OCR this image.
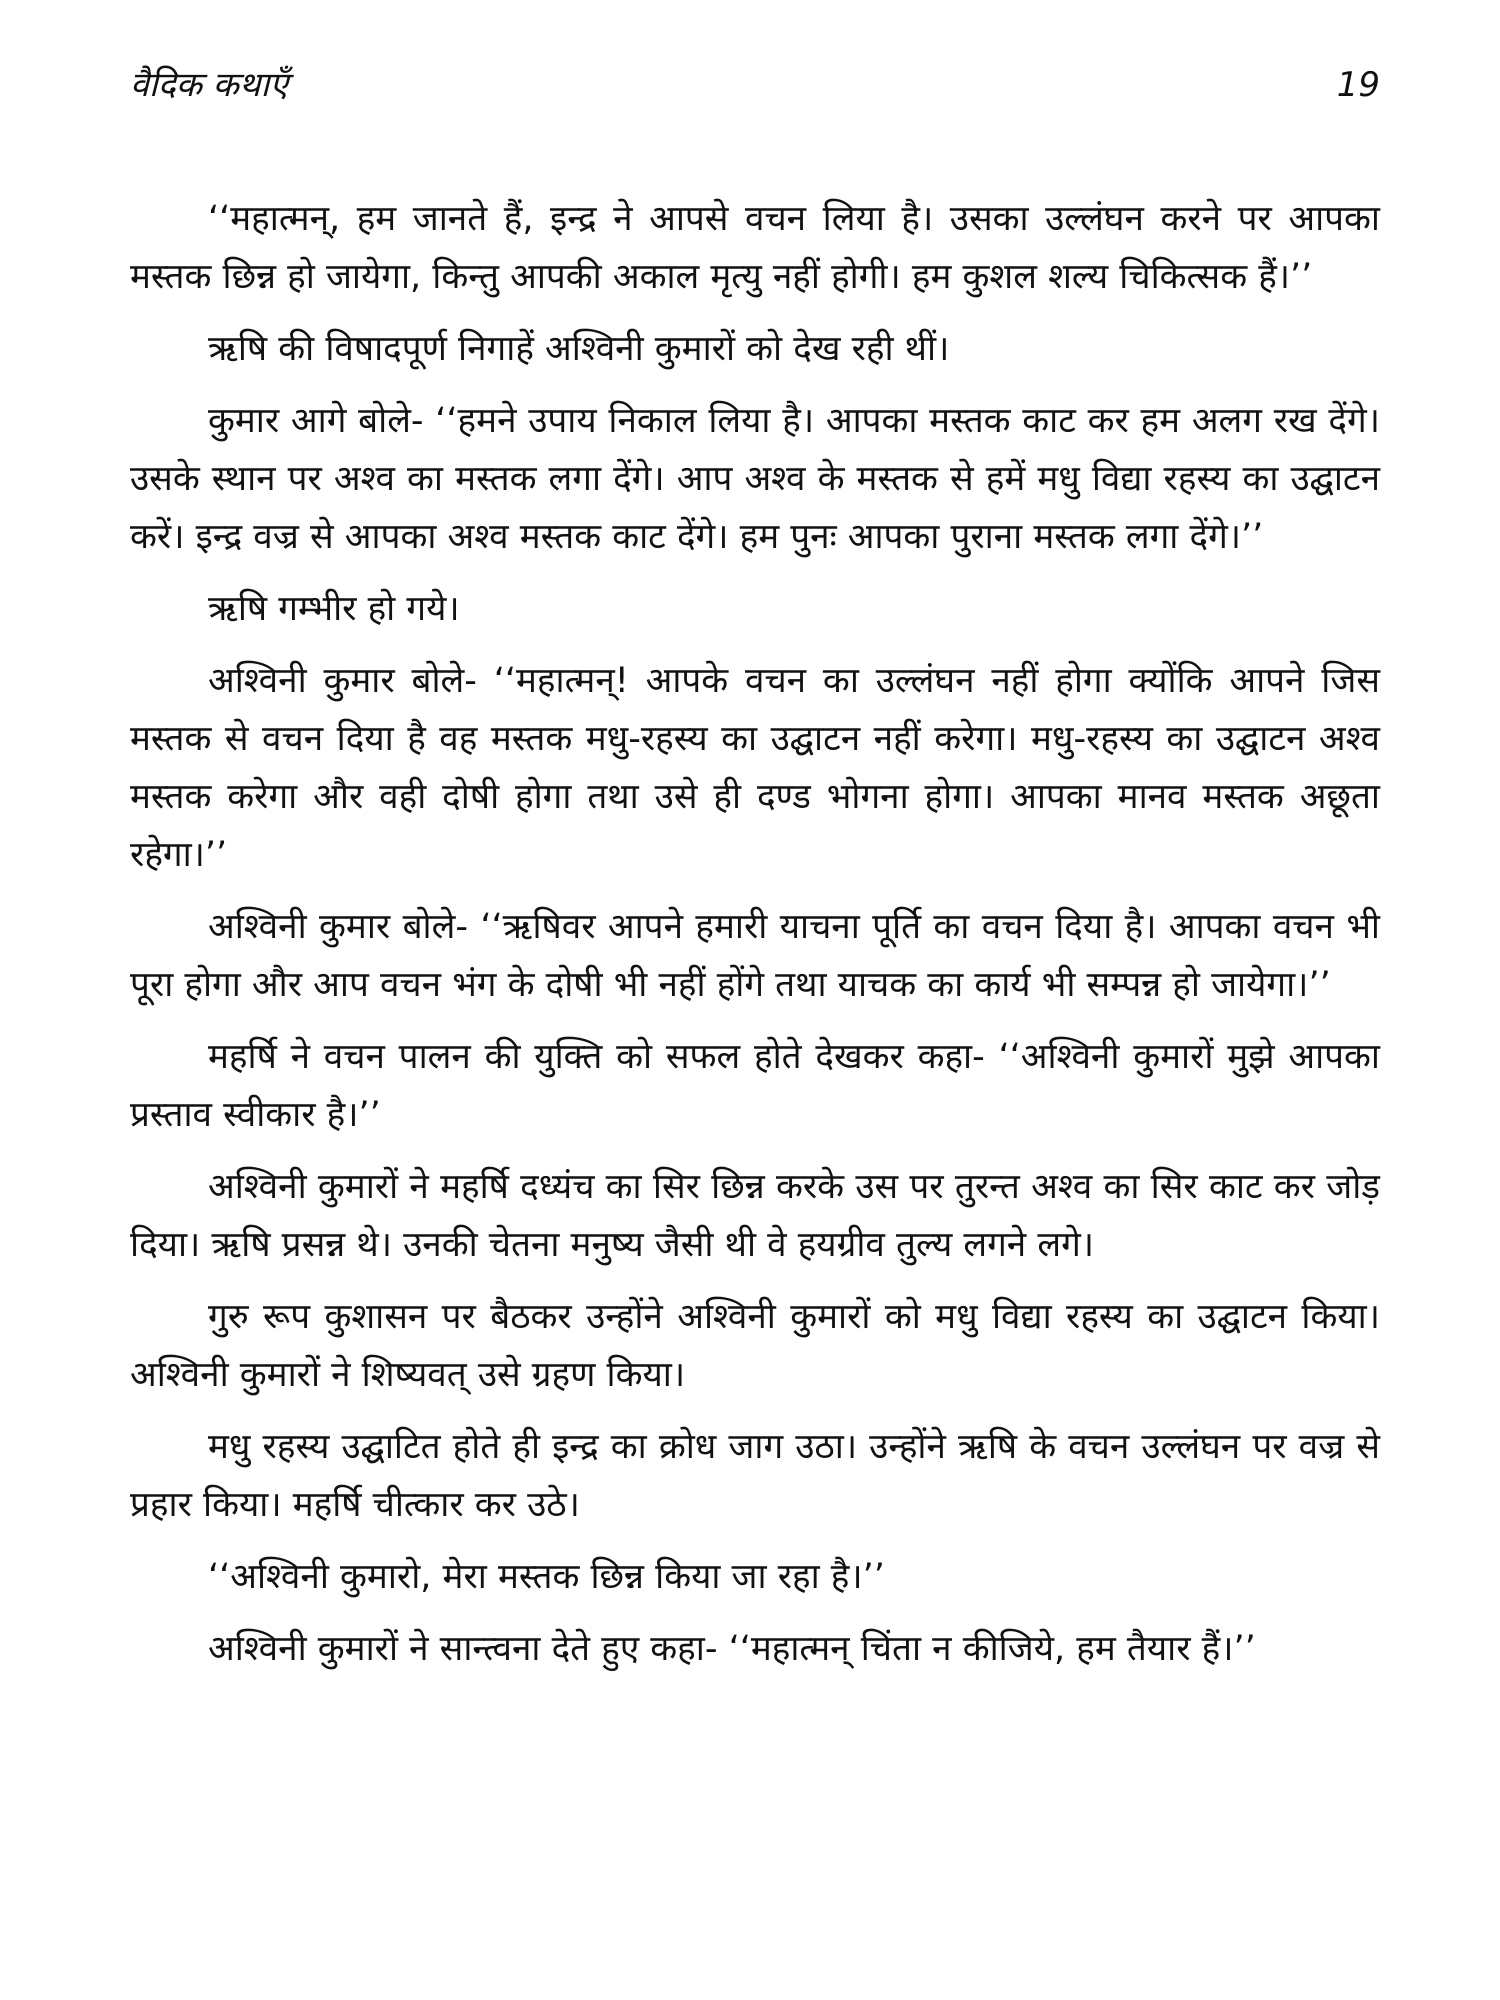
वैदिक कथाएँ	19

‘‘महात्मन्, हम जानते हैं, इन्द्र ने आपसे वचन लिया है। उसका उल्लंघन करने पर आपका मस्तक छिन्न हो जायेगा, किन्तु आपकी अकाल मृत्यु नहीं होगी। हम कुशल शल्य चिकित्सक हैं।’’

ऋषि की विषादपूर्ण निगाहें अश्विनी कुमारों को देख रही थीं।

कुमार आगे बोले- ‘‘हमने उपाय निकाल लिया है। आपका मस्तक काट कर हम अलग रख देंगे। उसके स्थान पर अश्व का मस्तक लगा देंगे। आप अश्व के मस्तक से हमें मधु विद्या रहस्य का उद्घाटन करें। इन्द्र वज्र से आपका अश्व मस्तक काट देंगे। हम पुनः आपका पुराना मस्तक लगा देंगे।’’

ऋषि गम्भीर हो गये।

अश्विनी कुमार बोले- ‘‘महात्मन्! आपके वचन का उल्लंघन नहीं होगा क्योंकि आपने जिस मस्तक से वचन दिया है वह मस्तक मधु-रहस्य का उद्घाटन नहीं करेगा। मधु-रहस्य का उद्घाटन अश्व मस्तक करेगा और वही दोषी होगा तथा उसे ही दण्ड भोगना होगा। आपका मानव मस्तक अछूता रहेगा।’’

अश्विनी कुमार बोले- ‘‘ऋषिवर आपने हमारी याचना पूर्ति का वचन दिया है। आपका वचन भी पूरा होगा और आप वचन भंग के दोषी भी नहीं होंगे तथा याचक का कार्य भी सम्पन्न हो जायेगा।’’

महर्षि ने वचन पालन की युक्ति को सफल होते देखकर कहा- ‘‘अश्विनी कुमारों मुझे आपका प्रस्ताव स्वीकार है।’’

अश्विनी कुमारों ने महर्षि दध्यंच का सिर छिन्न करके उस पर तुरन्त अश्व का सिर काट कर जोड़ दिया। ऋषि प्रसन्न थे। उनकी चेतना मनुष्य जैसी थी वे हयग्रीव तुल्य लगने लगे।

गुरु रूप कुशासन पर बैठकर उन्होंने अश्विनी कुमारों को मधु विद्या रहस्य का उद्घाटन किया। अश्विनी कुमारों ने शिष्यवत् उसे ग्रहण किया।

मधु रहस्य उद्घाटित होते ही इन्द्र का क्रोध जाग उठा। उन्होंने ऋषि के वचन उल्लंघन पर वज्र से प्रहार किया। महर्षि चीत्कार कर उठे।

‘‘अश्विनी कुमारो, मेरा मस्तक छिन्न किया जा रहा है।’’

अश्विनी कुमारों ने सान्त्वना देते हुए कहा- ‘‘महात्मन् चिंता न कीजिये, हम तैयार हैं।’’
